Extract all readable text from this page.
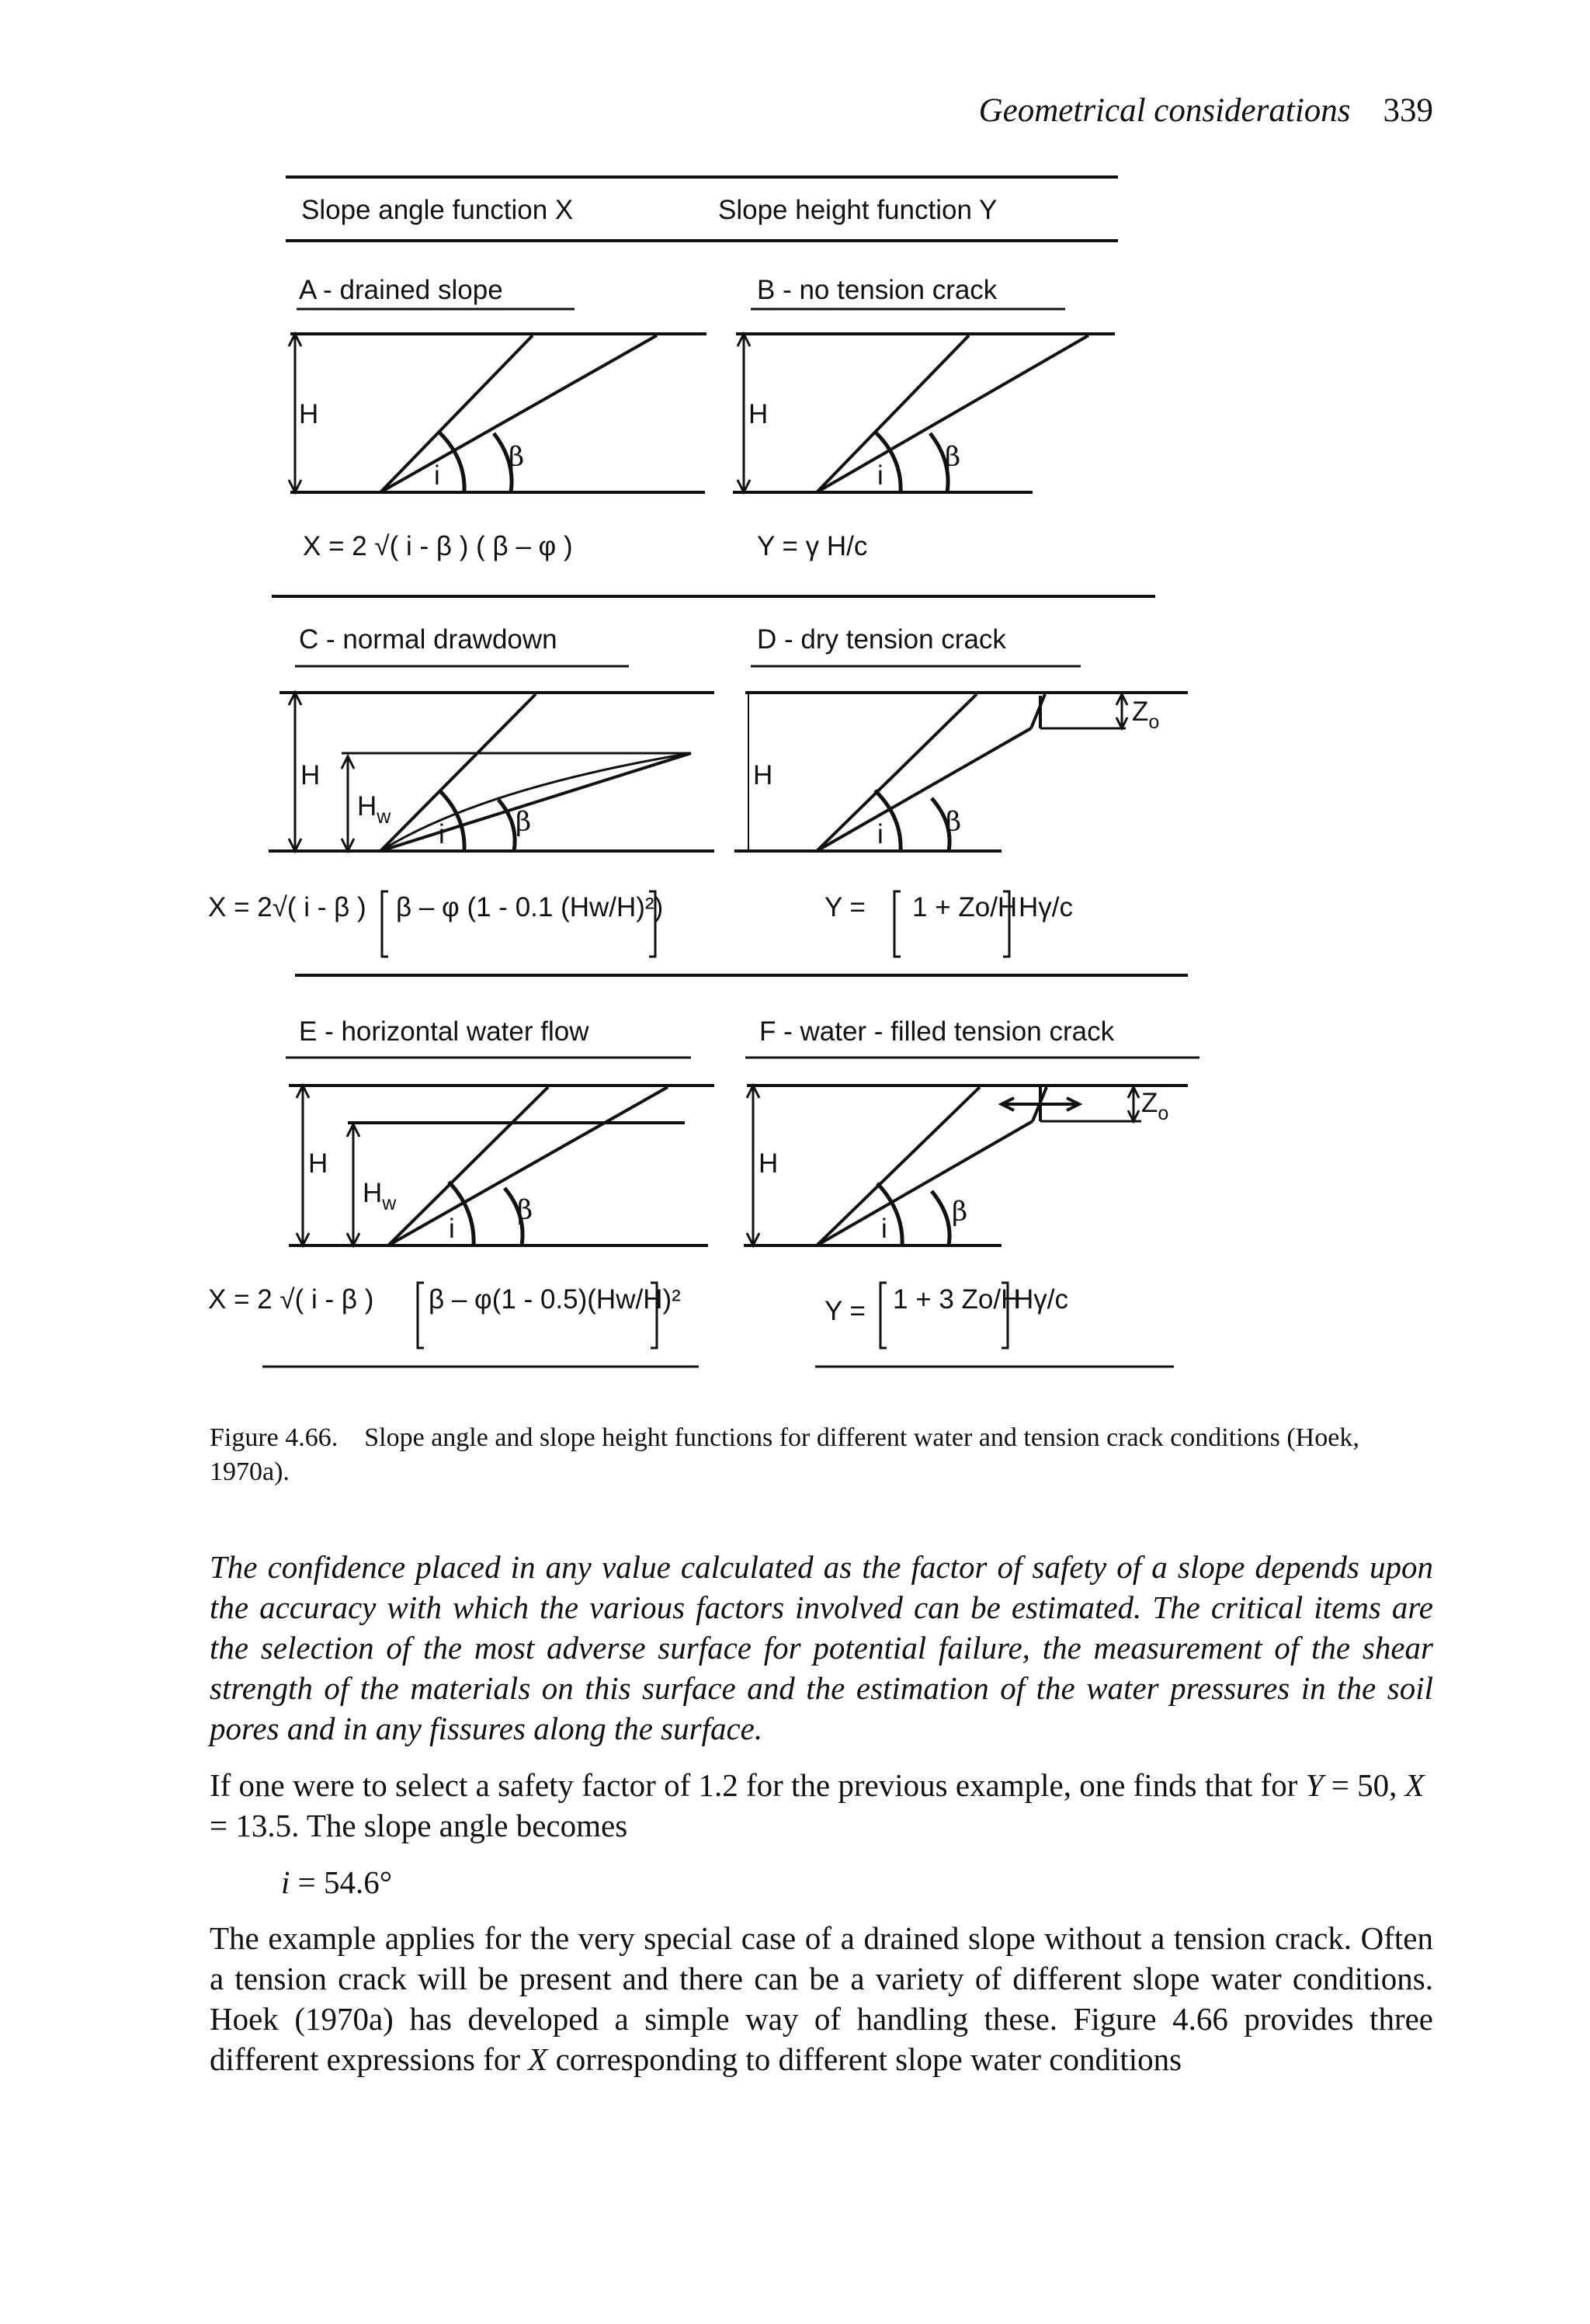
Geometrical considerations 339
Slope angle function X	Slope height function Y
A - drained slope
H
i
β
X = 2 √( i - β ) ( β – φ )
B - no tension crack
H
i
β
Y = γ H/c
C - normal drawdown
H
$H_w$
i	β
X = 2√( i - β ) β – φ (1 - 0.1 (Hw/H)²)
D - dry tension crack
H
$Z_o$
i β
Y = 1 + Zo/H Hγ/c
E - horizontal water flow
H
$H_w$
i
β
X = 2 √( i - β ) β – φ(1 - 0.5)(Hw/H)²
F - water - filled tension crack
H
$Z_o$
i
β
Y = 1 + 3 Zo/H
Hγ/c
Figure 4.66. Slope angle and slope height functions for different water and tension crack conditions (Hoek, 1970a).

The confidence placed in any value calculated as the factor of safety of a slope depends upon the accuracy with which the various factors involved can be estimated. The critical items are the selection of the most adverse surface for potential failure, the measurement of the shear strength of the materials on this surface and the estimation of the water pressures in the soil pores and in any fissures along the surface.

If one were to select a safety factor of 1.2 for the previous example, one finds that for Y = 50, X = 13.5. The slope angle becomes

i = 54.6°

The example applies for the very special case of a drained slope without a tension crack. Often a tension crack will be present and there can be a variety of different slope water conditions. Hoek (1970a) has developed a simple way of handling these. Figure 4.66 provides three different expressions for X corresponding to different slope water conditions
